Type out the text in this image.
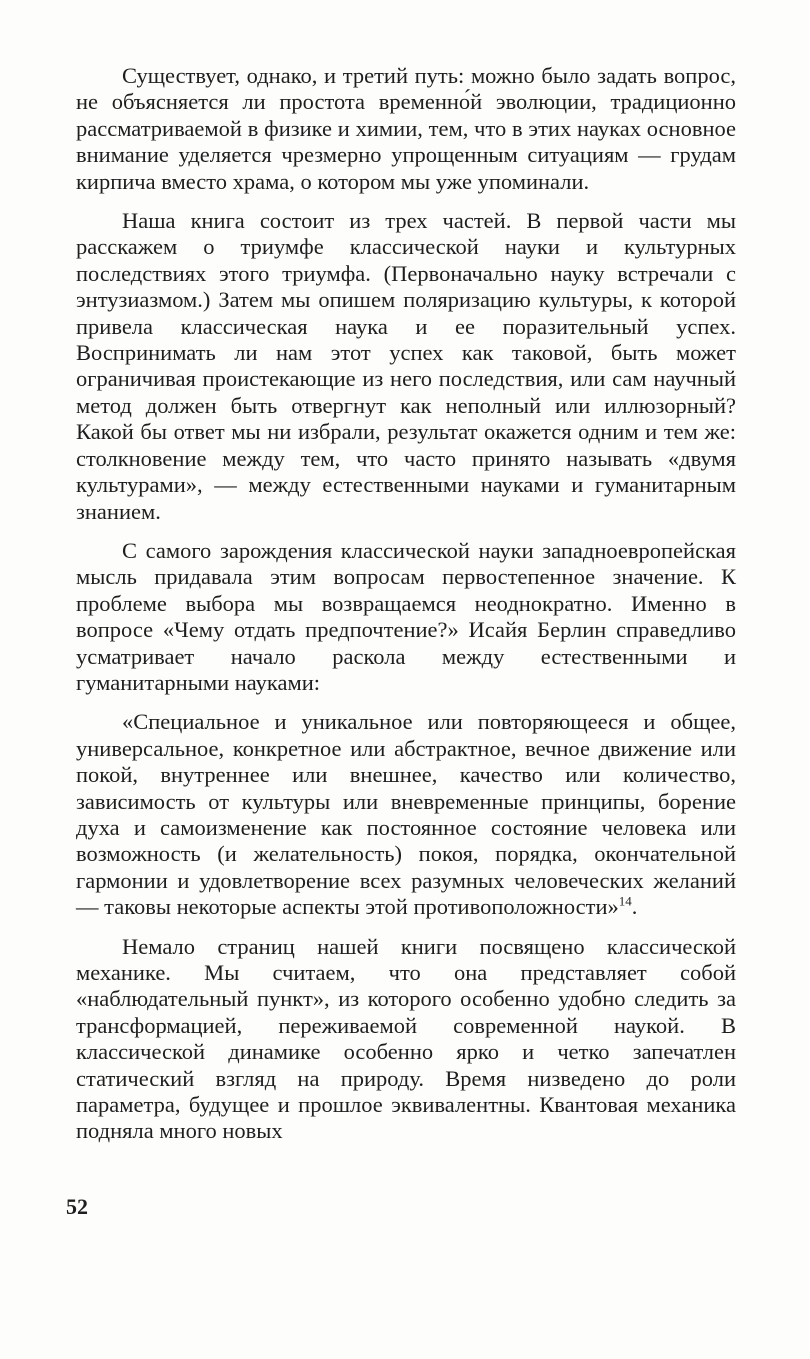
Существует, однако, и третий путь: можно было задать вопрос, не объясняется ли простота временно́й эволюции, традиционно рассматриваемой в физике и химии, тем, что в этих науках основное внимание уделяется чрезмерно упрощенным ситуациям — грудам кирпича вместо храма, о котором мы уже упоминали.

Наша книга состоит из трех частей. В первой части мы расскажем о триумфе классической науки и культурных последствиях этого триумфа. (Первоначально науку встречали с энтузиазмом.) Затем мы опишем поляризацию культуры, к которой привела классическая наука и ее поразительный успех. Воспринимать ли нам этот успех как таковой, быть может ограничивая проистекающие из него последствия, или сам научный метод должен быть отвергнут как неполный или иллюзорный? Какой бы ответ мы ни избрали, результат окажется одним и тем же: столкновение между тем, что часто принято называть «двумя культурами», — между естественными науками и гуманитарным знанием.

С самого зарождения классической науки западноевропейская мысль придавала этим вопросам первостепенное значение. К проблеме выбора мы возвращаемся неоднократно. Именно в вопросе «Чему отдать предпочтение?» Исайя Берлин справедливо усматривает начало раскола между естественными и гуманитарными науками:

«Специальное и уникальное или повторяющееся и общее, универсальное, конкретное или абстрактное, вечное движение или покой, внутреннее или внешнее, качество или количество, зависимость от культуры или вневременные принципы, борение духа и самоизменение как постоянное состояние человека или возможность (и желательность) покоя, порядка, окончательной гармонии и удовлетворение всех разумных человеческих желаний — таковы некоторые аспекты этой противоположности»$^{14}$.

Немало страниц нашей книги посвящено классической механике. Мы считаем, что она представляет собой «наблюдательный пункт», из которого особенно удобно следить за трансформацией, переживаемой современной наукой. В классической динамике особенно ярко и четко запечатлен статический взгляд на природу. Время низведено до роли параметра, будущее и прошлое эквивалентны. Квантовая механика подняла много новых

52
